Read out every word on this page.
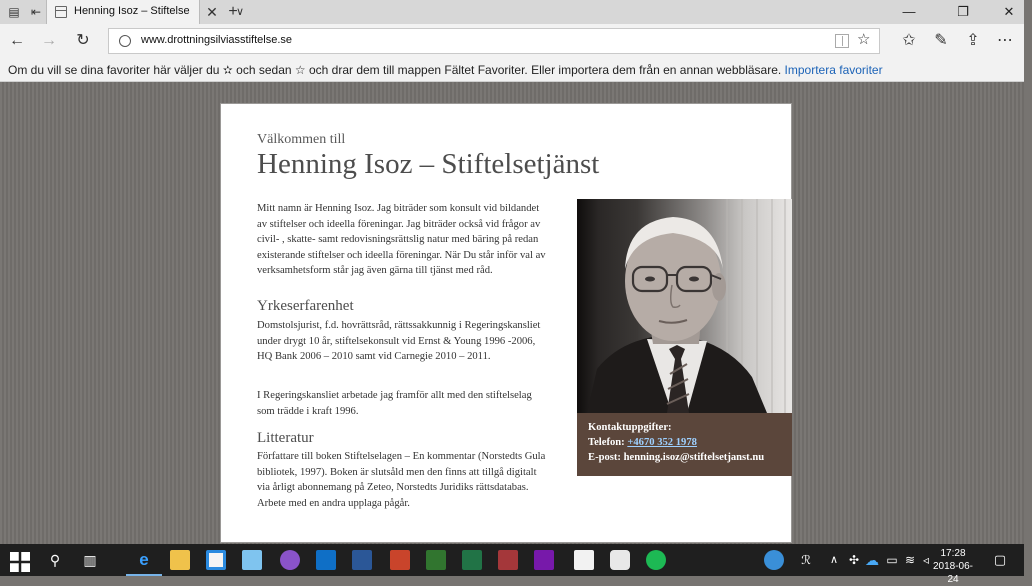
▤ ⇤	Henning Isoz – Stiftelse ✕ +
∨	—	❐	✕
← → ↻	www.drottningsilviasstiftelse.se	☆ ✩ ✎ ⇪ ⋯
Om du vill se dina favoriter här väljer du ✫ och sedan ☆ och drar dem till mappen Fältet Favoriter. Eller importera dem från en annan webbläsare. Importera favoriter
Välkommen till
Henning Isoz – Stiftelsetjänst
Mitt namn är Henning Isoz. Jag biträder som konsult vid bildandet av stiftelser och ideella föreningar. Jag biträder också vid frågor av civil- , skatte- samt redovisningsrättslig natur med bäring på redan existerande stiftelser och ideella föreningar. När Du står inför val av verksamhetsform står jag även gärna till tjänst med råd.
Yrkeserfarenhet
Domstolsjurist, f.d. hovrättsråd, rättssakkunnig i Regeringskansliet under drygt 10 år, stiftelsekonsult vid Ernst & Young 1996 -2006, HQ Bank 2006 – 2010 samt vid Carnegie 2010 – 2011.
I Regeringskansliet arbetade jag framför allt med den stiftelselag som trädde i kraft 1996.
Litteratur
Författare till boken Stiftelselagen – En kommentar (Norstedts Gula bibliotek, 1997). Boken är slutsåld men den finns att tillgå digitalt via årligt abonnemang på Zeteo, Norstedts Juridiks rättsdatabas. Arbete med en andra upplaga pågår.
Kontaktuppgifter:
Telefon: +4670 352 1978
E-post: henning.isoz@stiftelsetjanst.nu
⚲	▥	e	ℛ	∧ ✣ ☁ ▭ ≋ ◃	17:28
2018-06-24
▢
